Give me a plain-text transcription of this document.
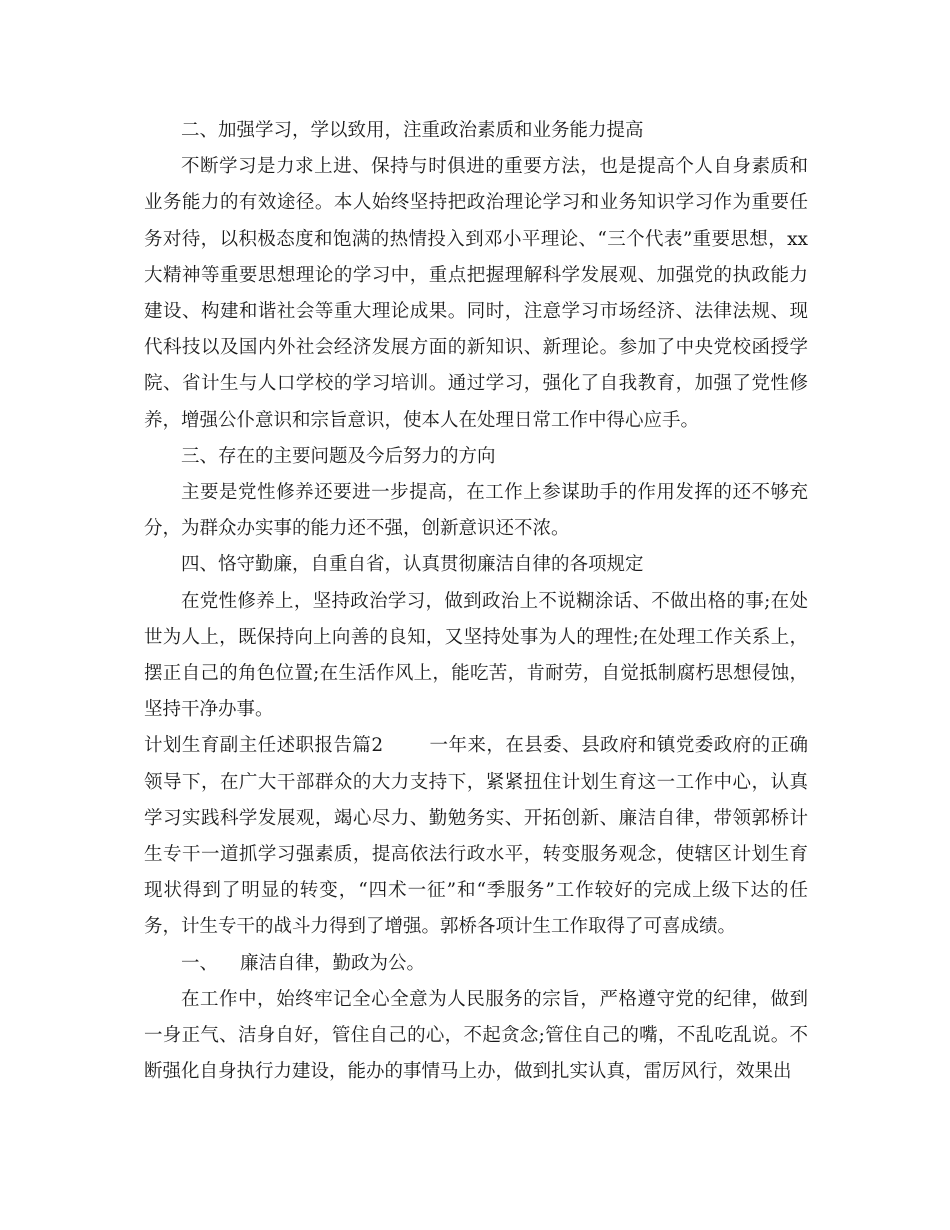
二、加强学习，学以致用，注重政治素质和业务能力提高

不断学习是力求上进、保持与时俱进的重要方法，也是提高个人自身素质和业务能力的有效途径。本人始终坚持把政治理论学习和业务知识学习作为重要任务对待，以积极态度和饱满的热情投入到邓小平理论、“三个代表”重要思想，xx大精神等重要思想理论的学习中，重点把握理解科学发展观、加强党的执政能力建设、构建和谐社会等重大理论成果。同时，注意学习市场经济、法律法规、现代科技以及国内外社会经济发展方面的新知识、新理论。参加了中央党校函授学院、省计生与人口学校的学习培训。通过学习，强化了自我教育，加强了党性修养，增强公仆意识和宗旨意识，使本人在处理日常工作中得心应手。

三、存在的主要问题及今后努力的方向

主要是党性修养还要进一步提高，在工作上参谋助手的作用发挥的还不够充分，为群众办实事的能力还不强，创新意识还不浓。

四、恪守勤廉，自重自省，认真贯彻廉洁自律的各项规定

在党性修养上，坚持政治学习，做到政治上不说糊涂话、不做出格的事;在处世为人上，既保持向上向善的良知，又坚持处事为人的理性;在处理工作关系上，摆正自己的角色位置;在生活作风上，能吃苦，肯耐劳，自觉抵制腐朽思想侵蚀，坚持干净办事。

计划生育副主任述职报告篇2 一年来，在县委、县政府和镇党委政府的正确领导下，在广大干部群众的大力支持下，紧紧扭住计划生育这一工作中心，认真学习实践科学发展观，竭心尽力、勤勉务实、开拓创新、廉洁自律，带领郭桥计生专干一道抓学习强素质，提高依法行政水平，转变服务观念，使辖区计划生育现状得到了明显的转变，“四术一征”和“季服务”工作较好的完成上级下达的任务，计生专干的战斗力得到了增强。郭桥各项计生工作取得了可喜成绩。

一、 廉洁自律，勤政为公。

在工作中，始终牢记全心全意为人民服务的宗旨，严格遵守党的纪律，做到一身正气、洁身自好，管住自己的心，不起贪念;管住自己的嘴，不乱吃乱说。不断强化自身执行力建设，能办的事情马上办，做到扎实认真，雷厉风行，效果出
